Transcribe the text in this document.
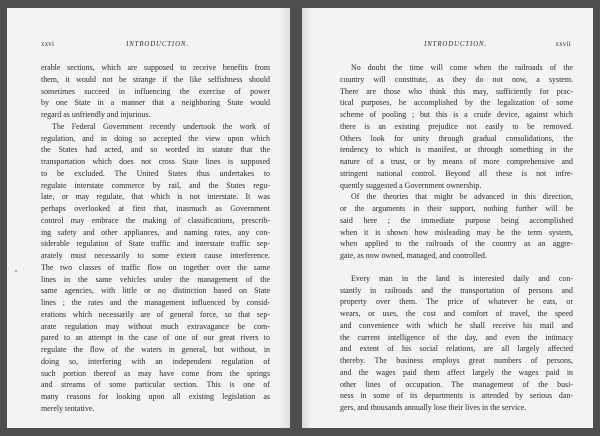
xxvi	INTRODUCTION.
erable sections, which are supposed to receive benefits from
them, it would not be strange if the like selfishness should
sometimes succeed in influencing the exercise of power
by one State in a manner that a neighboring State would
regard as unfriendly and injurious.
The Federal Government recently undertook the work of
regulation, and in doing so accepted the view upon which
the States had acted, and so worded its statute that the
transportation which does not cross State lines is supposed
to be excluded. The United States thus undertakes to
regulate interstate commerce by rail, and the States regu-
late, or may regulate, that which is not interstate. It was
perhaps overlooked at first that, inasmuch as Government
control may embrace the making of classifications, prescrib-
ing safety and other appliances, and naming rates, any con-
siderable regulation of State traffic and interstate traffic sep-
arately must necessarily to some extent cause interference.
The two classes of traffic flow on together over the same
lines in the same vehicles under the management of the
same agencies, with little or no distinction based on State
lines ; the rates and the management influenced by consid-
erations which necessarily are of general force, so that sep-
arate regulation may without much extravagance be com-
pared to an attempt in the case of one of our great rivers to
regulate the flow of the waters in general, but without, in
doing so, interfering with an independent regulation of
such portion thereof as may have come from the springs
and streams of some particular section. This is one of
many reasons for looking upon all existing legislation as
merely tentative.
INTRODUCTION.	xxvii
No doubt the time will come when the railroads of the
country will constitute, as they do not now, a system.
There are those who think this may, sufficiently for prac-
tical purposes, be accomplished by the legalization of some
scheme of pooling ; but this is a crude device, against which
there is an existing prejudice not easily to be removed.
Others look for unity through gradual consolidations, the
tendency to which is manifest, or through something in the
nature of a trust, or by means of more comprehensive and
stringent national control. Beyond all these is not infre-
quently suggested a Government ownership.
Of the theories that might be advanced in this direction,
or the arguments in their support, nothing further will be
said here ; the immediate purpose being accomplished
when it is shown how misleading may be the term system,
when applied to the railroads of the country as an aggre-
gate, as now owned, managed, and controlled.
Every man in the land is interested daily and con-
stantly in railroads and the transportation of persons and
property over them. The price of whatever he eats, or
wears, or uses, the cost and comfort of travel, the speed
and convenience with which he shall receive his mail and
the current intelligence of the day, and even the intimacy
and extent of his social relations, are all largely affected
thereby. The business employs great numbers of persons,
and the wages paid them affect largely the wages paid in
other lines of occupation. The management of the busi-
ness in some of its departments is attended by serious dan-
gers, and thousands annually lose their lives in the service.
